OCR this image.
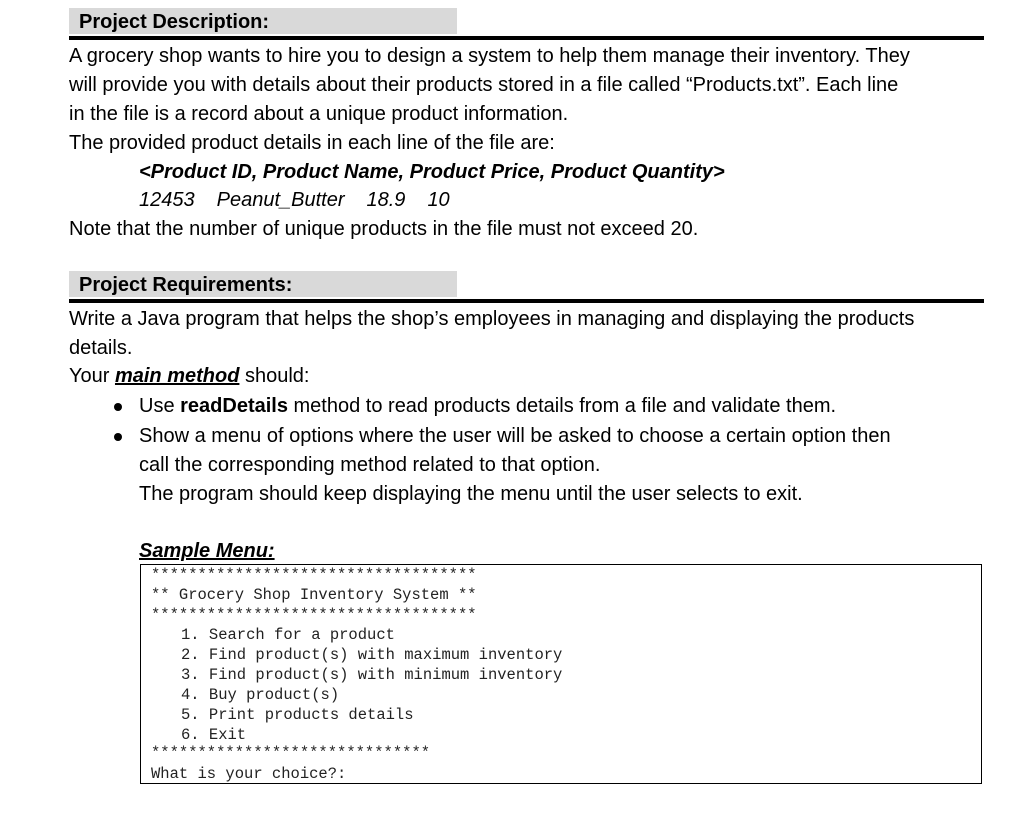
Project Description:
A grocery shop wants to hire you to design a system to help them manage their inventory. They
will provide you with details about their products stored in a file called “Products.txt”. Each line
in the file is a record about a unique product information.
The provided product details in each line of the file are:
<Product ID, Product Name, Product Price, Product Quantity>
12453 Peanut_Butter 18.9 10
Note that the number of unique products in the file must not exceed 20.
Project Requirements:
Write a Java program that helps the shop’s employees in managing and displaying the products
details.
Your main method should:
Use readDetails method to read products details from a file and validate them.
Show a menu of options where the user will be asked to choose a certain option then
call the corresponding method related to that option.
The program should keep displaying the menu until the user selects to exit.
Sample Menu:
***********************************
** Grocery Shop Inventory System **
***********************************
1. Search for a product
2. Find product(s) with maximum inventory
3. Find product(s) with minimum inventory
4. Buy product(s)
5. Print products details
6. Exit
******************************
What is your choice?:
